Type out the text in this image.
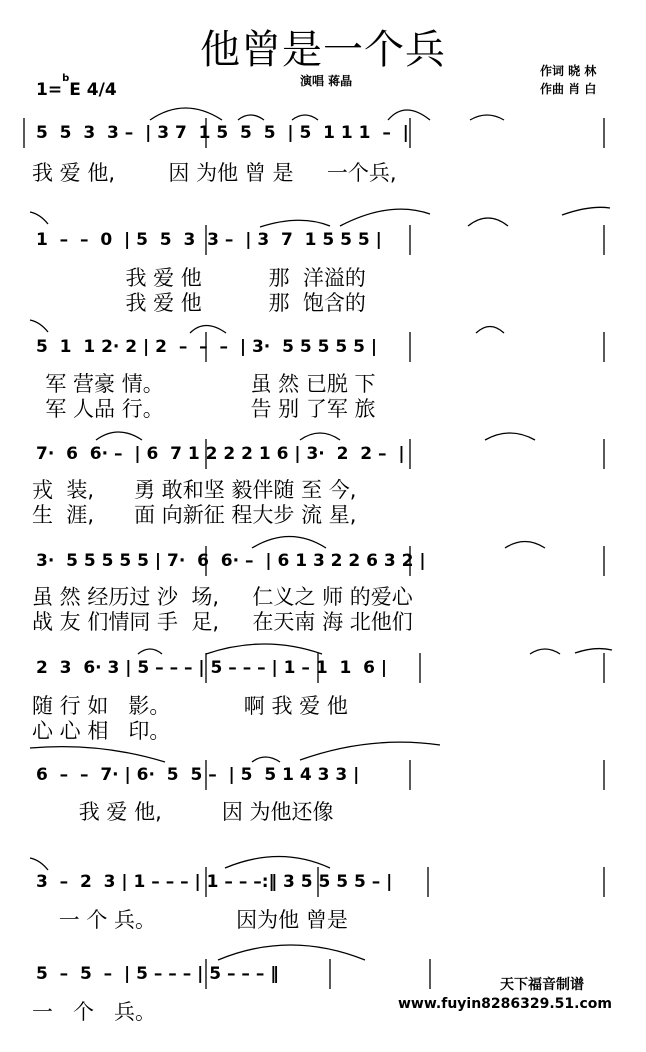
他曾是一个兵
1=$^b$E 4/4	演唱 蒋晶
作词 晓 林
作曲 肖 白
5  5  3  3 –  | 3 7  1 5  5  5  | 5  1 1 1  –  |
我 爱 他,        因 为他 曾 是     一个兵,
1  –  –  0  | 5  5  3  3 –  | 3  7  1 5 5 5 |
我 爱 他          那  洋溢的
我 爱 他          那  饱含的
5  1  1 2· 2 | 2  –  –  –  | 3·  5 5 5 5 5 |
军 营豪 情。             虽 然 已脱 下
军 人品 行。             告 别 了军 旅
7·  6  6· –  | 6  7 1 2 2 2 1 6 | 3·  2  2 –  |
戎  装,      勇 敢和坚 毅伴随 至 今,
生  涯,      面 向新征 程大步 流 星,
3·  5 5 5 5 5 | 7·  6  6· –  | 6 1 3 2 2 6 3 2 |
虽 然 经历过 沙  场,     仁义之 师 的爱心
战 友 们情同 手  足,     在天南 海 北他们
2  3  6· 3 | 5 – – – | 5 – – – | 1 – 1  1  6 |
随 行 如   影。           啊 我 爱 他
心 心 相   印。
6  –  –  7· | 6·  5  5 –  | 5  5 1 4 3 3 |
我 爱 他,         因 为他还像
3  –  2  3 | 1 – – – | 1 – – –:‖ 3 5 5 5 5 – |
一 个 兵。            因为他 曾是
5  –  5  –  | 5 – – – | 5 – – – ‖
一   个   兵。
天下福音制谱
www.fuyin8286329.51.com
